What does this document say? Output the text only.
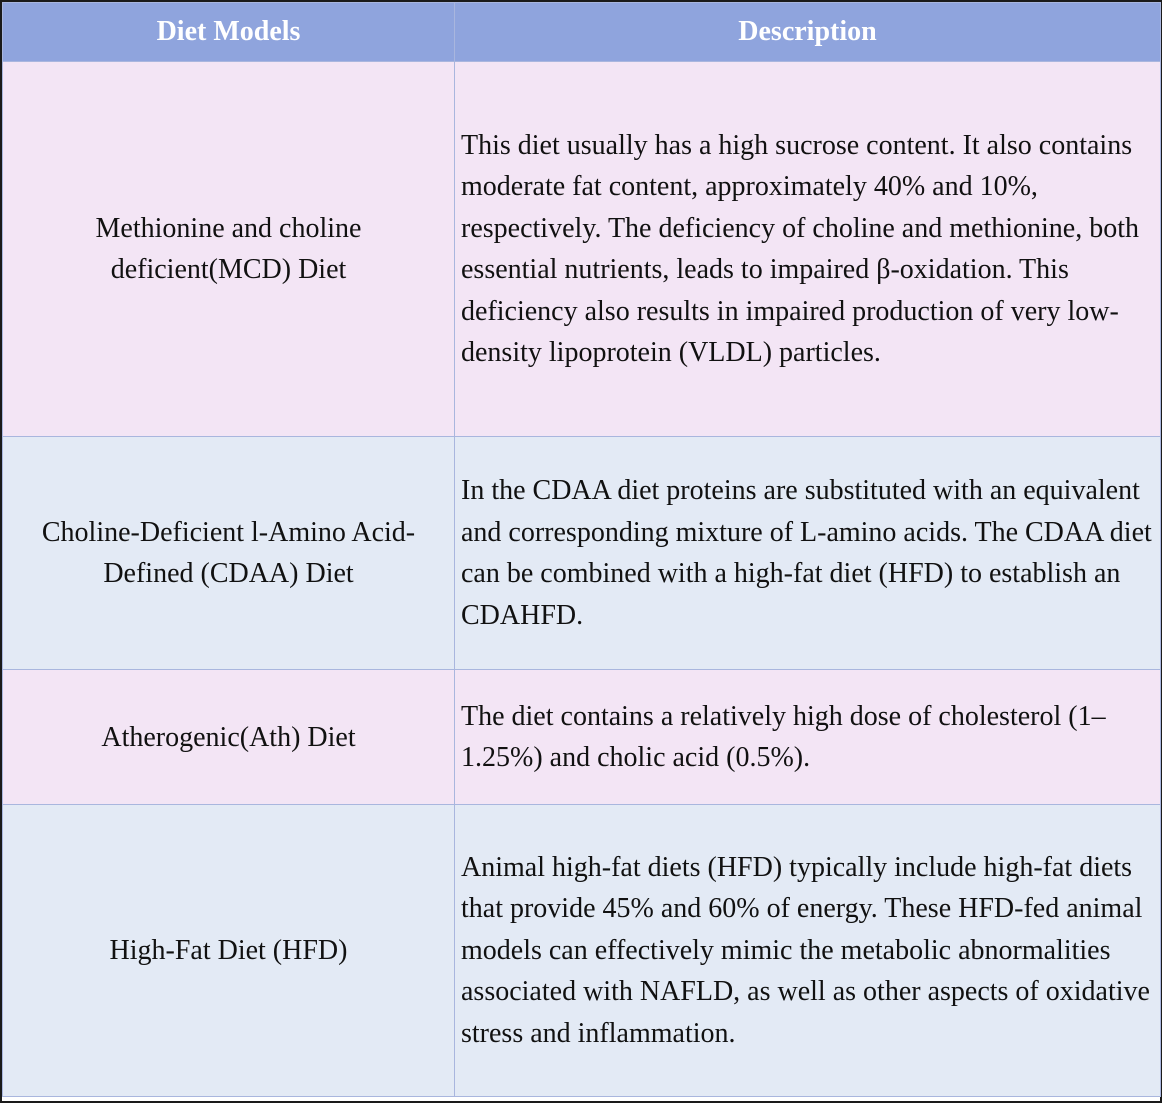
Diet Models	Description
Methionine and choline deficient(MCD) Diet	This diet usually has a high sucrose content. It also contains moderate fat content, approximately 40% and 10%, respectively. The deficiency of choline and methionine, both essential nutrients, leads to impaired β-oxidation. This deficiency also results in impaired production of very low-density lipoprotein (VLDL) particles.
Choline-Deficient l-Amino Acid-Defined (CDAA) Diet	In the CDAA diet proteins are substituted with an equivalent and corresponding mixture of L-amino acids. The CDAA diet can be combined with a high-fat diet (HFD) to establish an CDAHFD.
Atherogenic(Ath) Diet	The diet contains a relatively high dose of cholesterol (1–1.25%) and cholic acid (0.5%).
High-Fat Diet (HFD)	Animal high-fat diets (HFD) typically include high-fat diets that provide 45% and 60% of energy. These HFD-fed animal models can effectively mimic the metabolic abnormalities associated with NAFLD, as well as other aspects of oxidative stress and inflammation.
